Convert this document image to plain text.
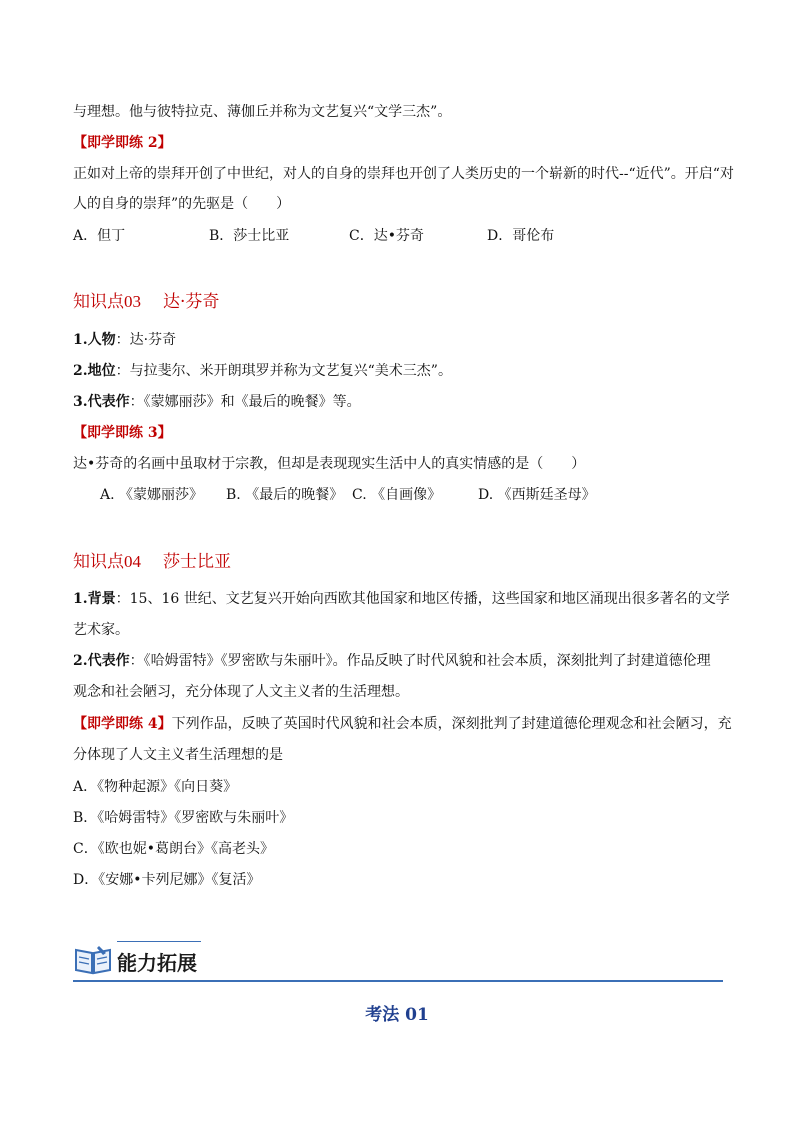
与理想。他与彼特拉克、薄伽丘并称为文艺复兴“文学三杰”。
【即学即练 2】
正如对上帝的崇拜开创了中世纪，对人的自身的崇拜也开创了人类历史的一个崭新的时代--“近代”。开启“对
人的自身的崇拜”的先驱是（　　）
A．但丁	B．莎士比亚	C．达•芬奇	D．哥伦布
知识点03 达·芬奇
1.人物：达·芬奇
2.地位：与拉斐尔、米开朗琪罗并称为文艺复兴“美术三杰”。
3.代表作：《蒙娜丽莎》和《最后的晚餐》等。
【即学即练 3】
达•芬奇的名画中虽取材于宗教，但却是表现现实生活中人的真实情感的是（　　）
A. 《蒙娜丽莎》 B. 《最后的晚餐》 C. 《自画像》	D. 《西斯廷圣母》
知识点04 莎士比亚
1.背景：15、16 世纪、文艺复兴开始向西欧其他国家和地区传播，这些国家和地区涌现出很多著名的文学
艺术家。
2.代表作：《哈姆雷特》《罗密欧与朱丽叶》。作品反映了时代风貌和社会本质，深刻批判了封建道德伦理
观念和社会陋习，充分体现了人文主义者的生活理想。
【即学即练 4】下列作品，反映了英国时代风貌和社会本质，深刻批判了封建道德伦理观念和社会陋习，充
分体现了人文主义者生活理想的是
A．《物种起源》《向日葵》
B．《哈姆雷特》《罗密欧与朱丽叶》
C．《欧也妮•葛朗台》《高老头》
D．《安娜•卡列尼娜》《复活》
能力拓展
考法 01
